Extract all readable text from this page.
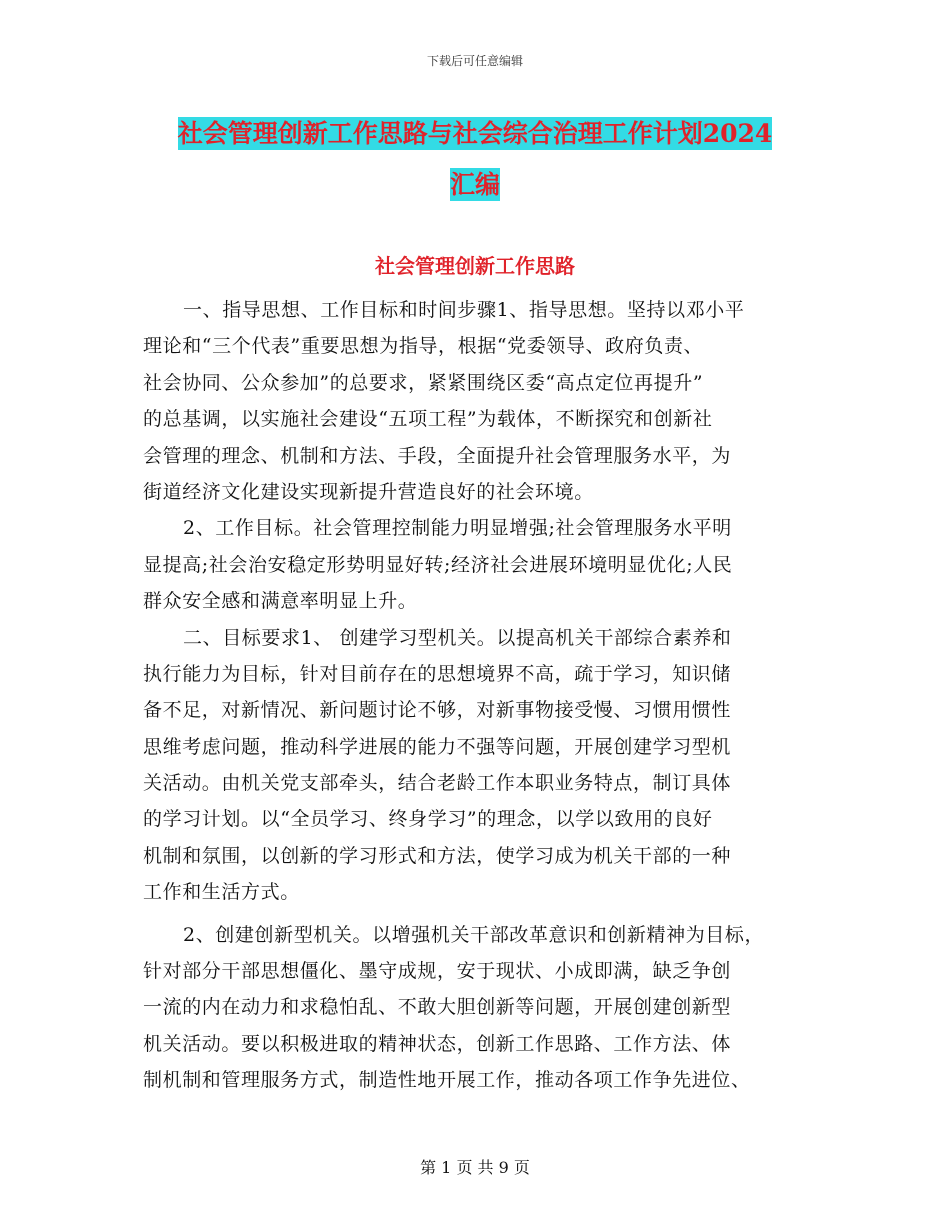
下载后可任意编辑
社会管理创新工作思路与社会综合治理工作计划2024
汇编
社会管理创新工作思路
一、指导思想、工作目标和时间步骤1、指导思想。坚持以邓小平
理论和“三个代表”重要思想为指导，根据“党委领导、政府负责、
社会协同、公众参加”的总要求，紧紧围绕区委“高点定位再提升”
的总基调，以实施社会建设“五项工程”为载体，不断探究和创新社
会管理的理念、机制和方法、手段，全面提升社会管理服务水平，为
街道经济文化建设实现新提升营造良好的社会环境。
2、工作目标。社会管理控制能力明显增强;社会管理服务水平明
显提高;社会治安稳定形势明显好转;经济社会进展环境明显优化;人民
群众安全感和满意率明显上升。
二、目标要求1、 创建学习型机关。以提高机关干部综合素养和
执行能力为目标，针对目前存在的思想境界不高，疏于学习，知识储
备不足，对新情况、新问题讨论不够，对新事物接受慢、习惯用惯性
思维考虑问题，推动科学进展的能力不强等问题，开展创建学习型机
关活动。由机关党支部牵头，结合老龄工作本职业务特点，制订具体
的学习计划。以“全员学习、终身学习”的理念，以学以致用的良好
机制和氛围，以创新的学习形式和方法，使学习成为机关干部的一种
工作和生活方式。
2、创建创新型机关。以增强机关干部改革意识和创新精神为目标，
针对部分干部思想僵化、墨守成规，安于现状、小成即满，缺乏争创
一流的内在动力和求稳怕乱、不敢大胆创新等问题，开展创建创新型
机关活动。要以积极进取的精神状态，创新工作思路、工作方法、体
制机制和管理服务方式，制造性地开展工作，推动各项工作争先进位、
第 1 页 共 9 页
